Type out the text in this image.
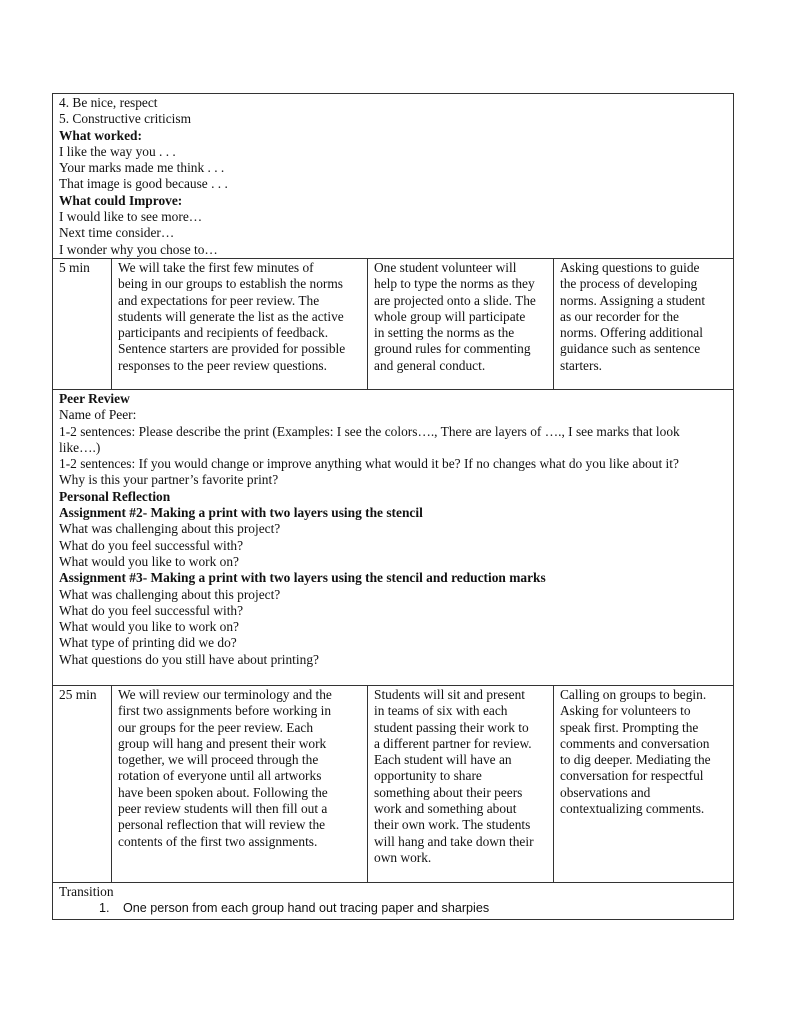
4. Be nice, respect
5. Constructive criticism
What worked:
I like the way you . . .
Your marks made me think . . .
That image is good because . . .
What could Improve:
I would like to see more…
Next time consider…
I wonder why you chose to…
5 min	We will take the first few minutes of
being in our groups to establish the norms
and expectations for peer review. The
students will generate the list as the active
participants and recipients of feedback.
Sentence starters are provided for possible
responses to the peer review questions.
One student volunteer will
help to type the norms as they
are projected onto a slide. The
whole group will participate
in setting the norms as the
ground rules for commenting
and general conduct.
Asking questions to guide
the process of developing
norms. Assigning a student
as our recorder for the
norms. Offering additional
guidance such as sentence
starters.
Peer Review
Name of Peer:
1-2 sentences: Please describe the print (Examples: I see the colors…., There are layers of …., I see marks that look
like….)
1-2 sentences: If you would change or improve anything what would it be? If no changes what do you like about it?
Why is this your partner’s favorite print?
Personal Reflection
Assignment #2- Making a print with two layers using the stencil
What was challenging about this project?
What do you feel successful with?
What would you like to work on?
Assignment #3- Making a print with two layers using the stencil and reduction marks
What was challenging about this project?
What do you feel successful with?
What would you like to work on?
What type of printing did we do?
What questions do you still have about printing?
25 min	We will review our terminology and the
first two assignments before working in
our groups for the peer review. Each
group will hang and present their work
together, we will proceed through the
rotation of everyone until all artworks
have been spoken about. Following the
peer review students will then fill out a
personal reflection that will review the
contents of the first two assignments.
Students will sit and present
in teams of six with each
student passing their work to
a different partner for review.
Each student will have an
opportunity to share
something about their peers
work and something about
their own work. The students
will hang and take down their
own work.
Calling on groups to begin.
Asking for volunteers to
speak first. Prompting the
comments and conversation
to dig deeper. Mediating the
conversation for respectful
observations and
contextualizing comments.
Transition
1. One person from each group hand out tracing paper and sharpies
